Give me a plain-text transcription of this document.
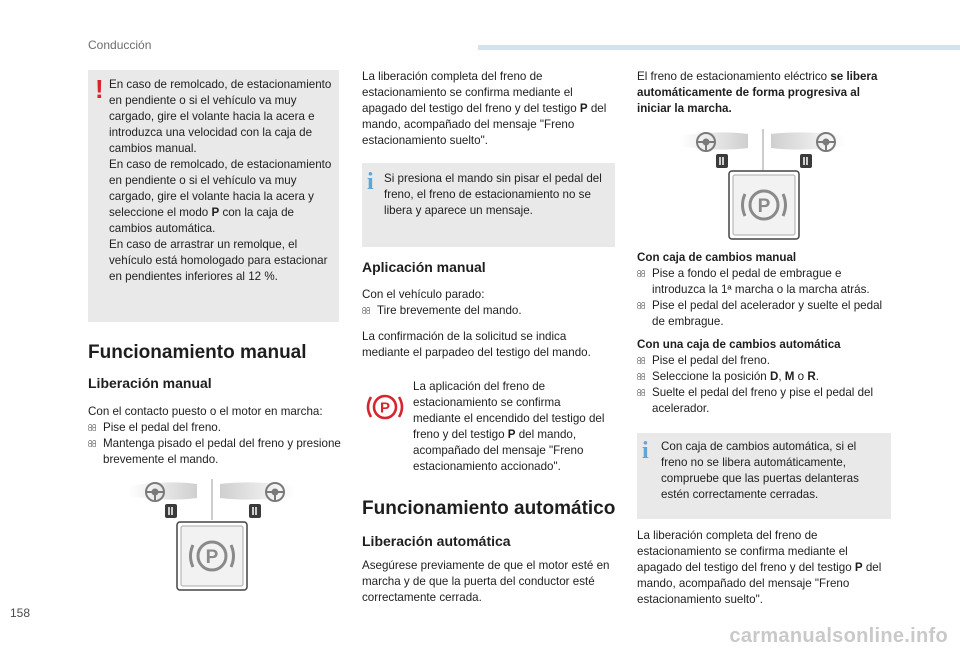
Conducción
! En caso de remolcado, de estacionamiento en pendiente o si el vehículo va muy cargado, gire el volante hacia la acera e introduzca una velocidad con la caja de cambios manual.

En caso de remolcado, de estacionamiento en pendiente o si el vehículo va muy cargado, gire el volante hacia la acera y seleccione el modo P con la caja de cambios automática.

En caso de arrastrar un remolque, el vehículo está homologado para estacionar en pendientes inferiores al 12 %.

Funcionamiento manual
Liberación manual

Con el contacto puesto o el motor en marcha:

Pise el pedal del freno.

Mantenga pisado el pedal del freno y presione brevemente el mando.

P

La liberación completa del freno de estacionamiento se confirma mediante el apagado del testigo del freno y del testigo P del mando, acompañado del mensaje "Freno estacionamiento suelto".

i Si presiona el mando sin pisar el pedal del freno, el freno de estacionamiento no se libera y aparece un mensaje.

Aplicación manual

Con el vehículo parado:

Tire brevemente del mando.

La confirmación de la solicitud se indica mediante el parpadeo del testigo del mando.

P

La aplicación del freno de estacionamiento se confirma mediante el encendido del testigo del freno y del testigo P del mando, acompañado del mensaje "Freno estacionamiento accionado".

Funcionamiento automático
Liberación automática

Asegúrese previamente de que el motor esté en marcha y de que la puerta del conductor esté correctamente cerrada.

El freno de estacionamiento eléctrico se libera automáticamente de forma progresiva al iniciar la marcha.

P

Con caja de cambios manual

Pise a fondo el pedal de embrague e introduzca la 1ª marcha o la marcha atrás.

Pise el pedal del acelerador y suelte el pedal de embrague.

Con una caja de cambios automática

Pise el pedal del freno.

Seleccione la posición D, M o R.

Suelte el pedal del freno y pise el pedal del acelerador.

i Con caja de cambios automática, si el freno no se libera automáticamente, compruebe que las puertas delanteras estén correctamente cerradas.

La liberación completa del freno de estacionamiento se confirma mediante el apagado del testigo del freno y del testigo P del mando, acompañado del mensaje "Freno estacionamiento suelto".

158
carmanualsonline.info
